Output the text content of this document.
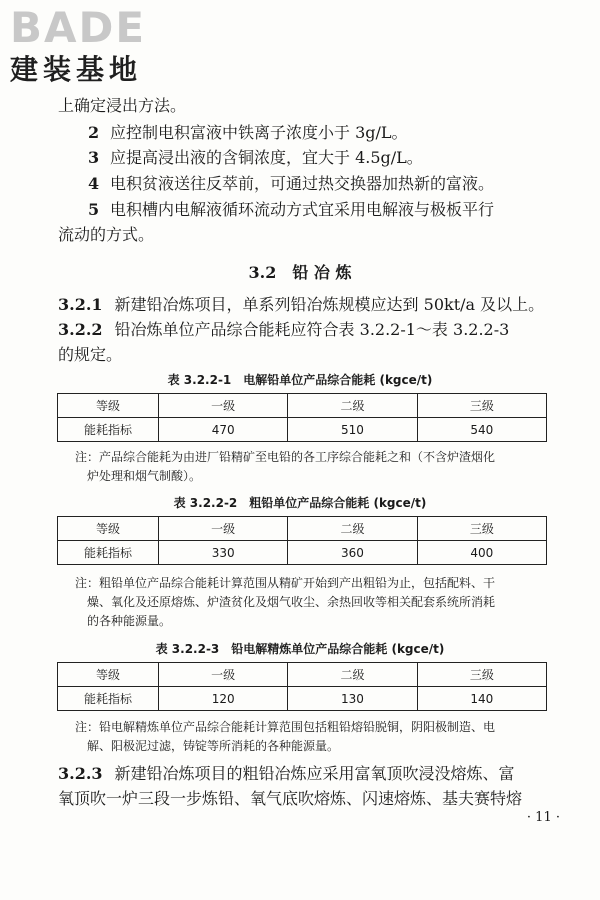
BADE
建装基地
上确定浸出方法。
2 应控制电积富液中铁离子浓度小于 3g/L。
3 应提高浸出液的含铜浓度，宜大于 4.5g/L。
4 电积贫液送往反萃前，可通过热交换器加热新的富液。
5 电积槽内电解液循环流动方式宜采用电解液与极板平行
流动的方式。
3.2　铅 冶 炼
3.2.1 新建铅冶炼项目，单系列铅冶炼规模应达到 50kt/a 及以上。
3.2.2 铅冶炼单位产品综合能耗应符合表 3.2.2-1～表 3.2.2-3
的规定。
表 3.2.2-1　电解铅单位产品综合能耗 (kgce/t)
等级	一级	二级	三级
能耗指标	470	510	540
注：产品综合能耗为由进厂铅精矿至电铅的各工序综合能耗之和（不含炉渣烟化
炉处理和烟气制酸）。
表 3.2.2-2　粗铅单位产品综合能耗 (kgce/t)
等级	一级	二级	三级
能耗指标	330	360	400
注：粗铅单位产品综合能耗计算范围从精矿开始到产出粗铅为止，包括配料、干
燥、氧化及还原熔炼、炉渣贫化及烟气收尘、余热回收等相关配套系统所消耗
的各种能源量。
表 3.2.2-3　铅电解精炼单位产品综合能耗 (kgce/t)
等级	一级	二级	三级
能耗指标	120	130	140
注：铅电解精炼单位产品综合能耗计算范围包括粗铅熔铅脱铜，阴阳极制造、电
解、阳极泥过滤，铸锭等所消耗的各种能源量。
3.2.3 新建铅冶炼项目的粗铅冶炼应采用富氧顶吹浸没熔炼、富
氧顶吹一炉三段一步炼铅、氧气底吹熔炼、闪速熔炼、基夫赛特熔
· 11 ·
